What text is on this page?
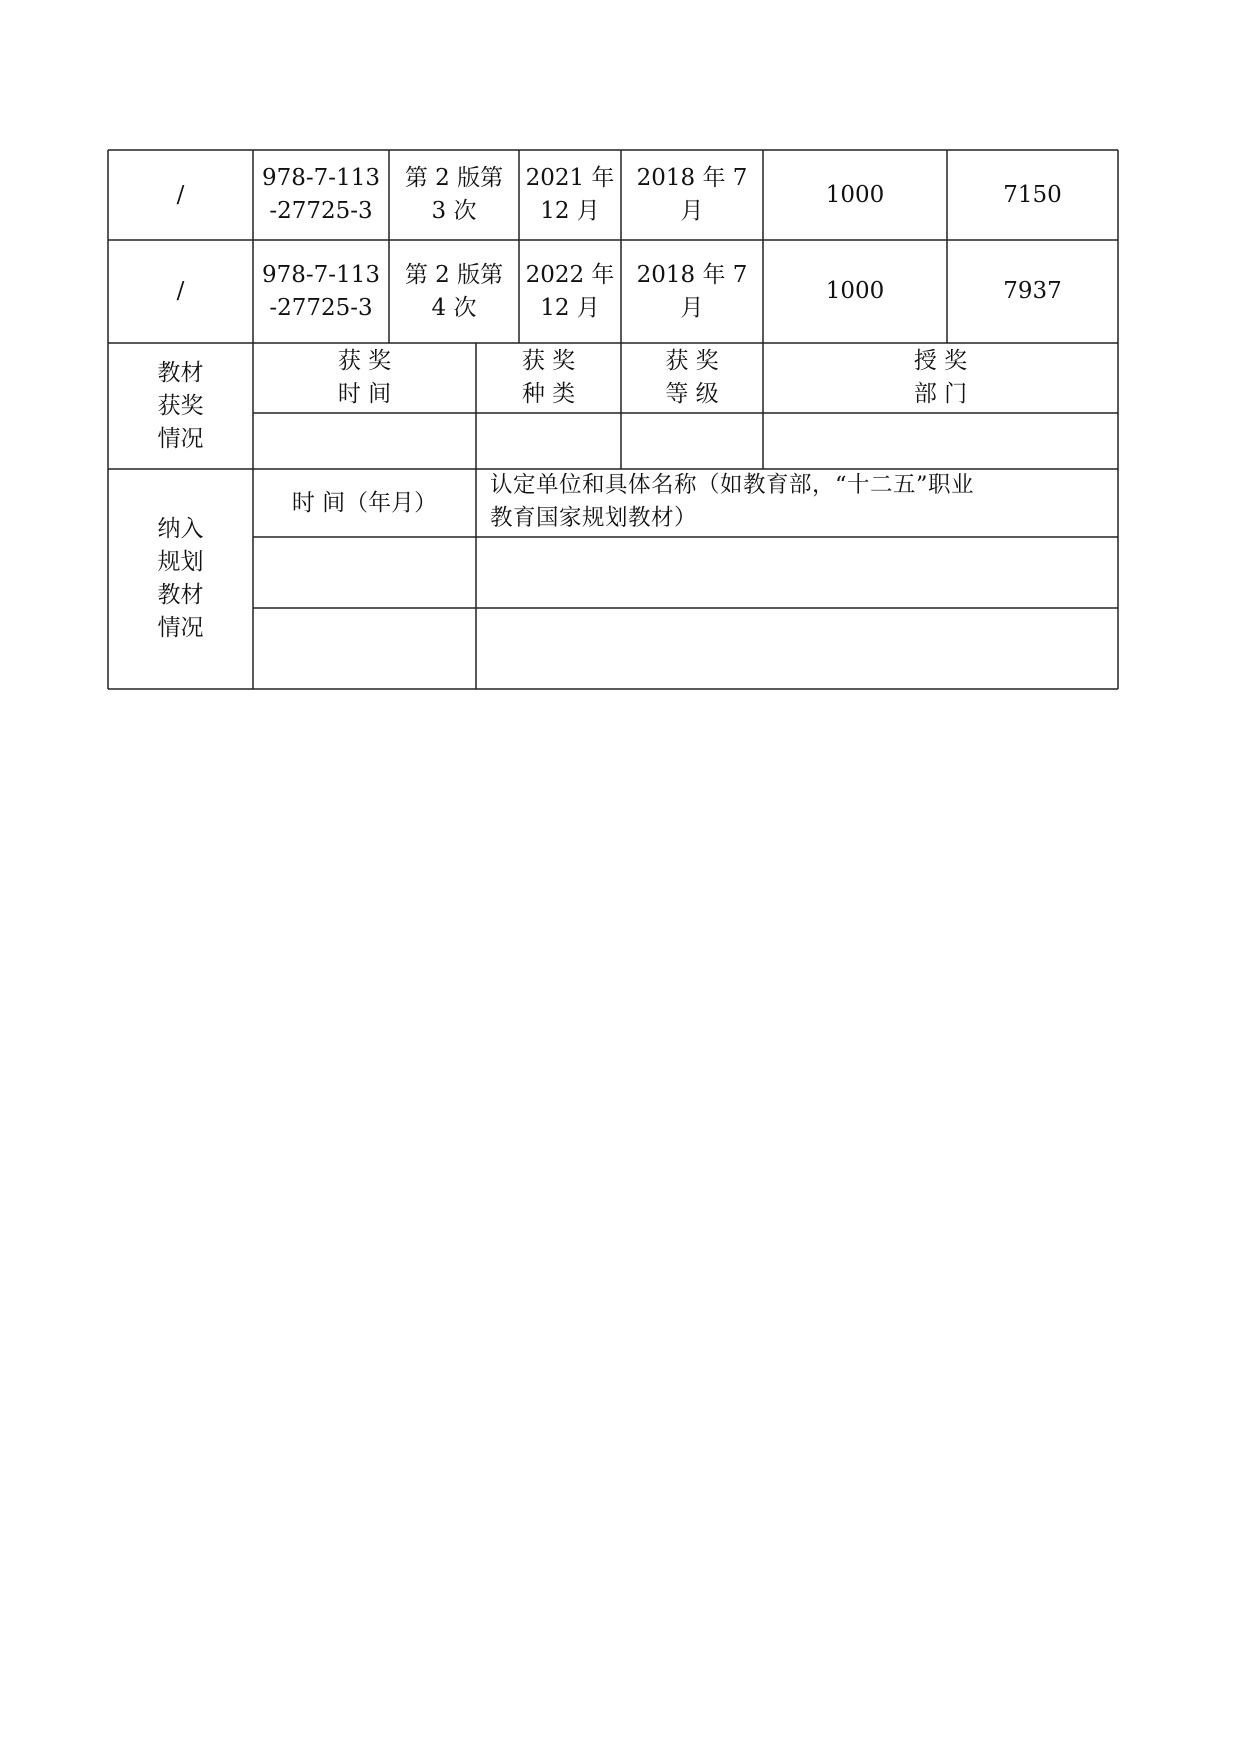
/
978-7-113
-27725-3
第 2 版第
3 次
2021 年
12 月
2018 年 7
月
1000	7150
/
978-7-113
-27725-3
第 2 版第
4 次
2022 年
12 月
2018 年 7
月
1000	7937
教材
获奖
情况
获 奖
时 间
获 奖
种 类
获 奖
等 级
授 奖
部 门
纳入
规划
教材
情况
时 间（年月）
认定单位和具体名称（如教育部，“十二五”职业
教育国家规划教材）
